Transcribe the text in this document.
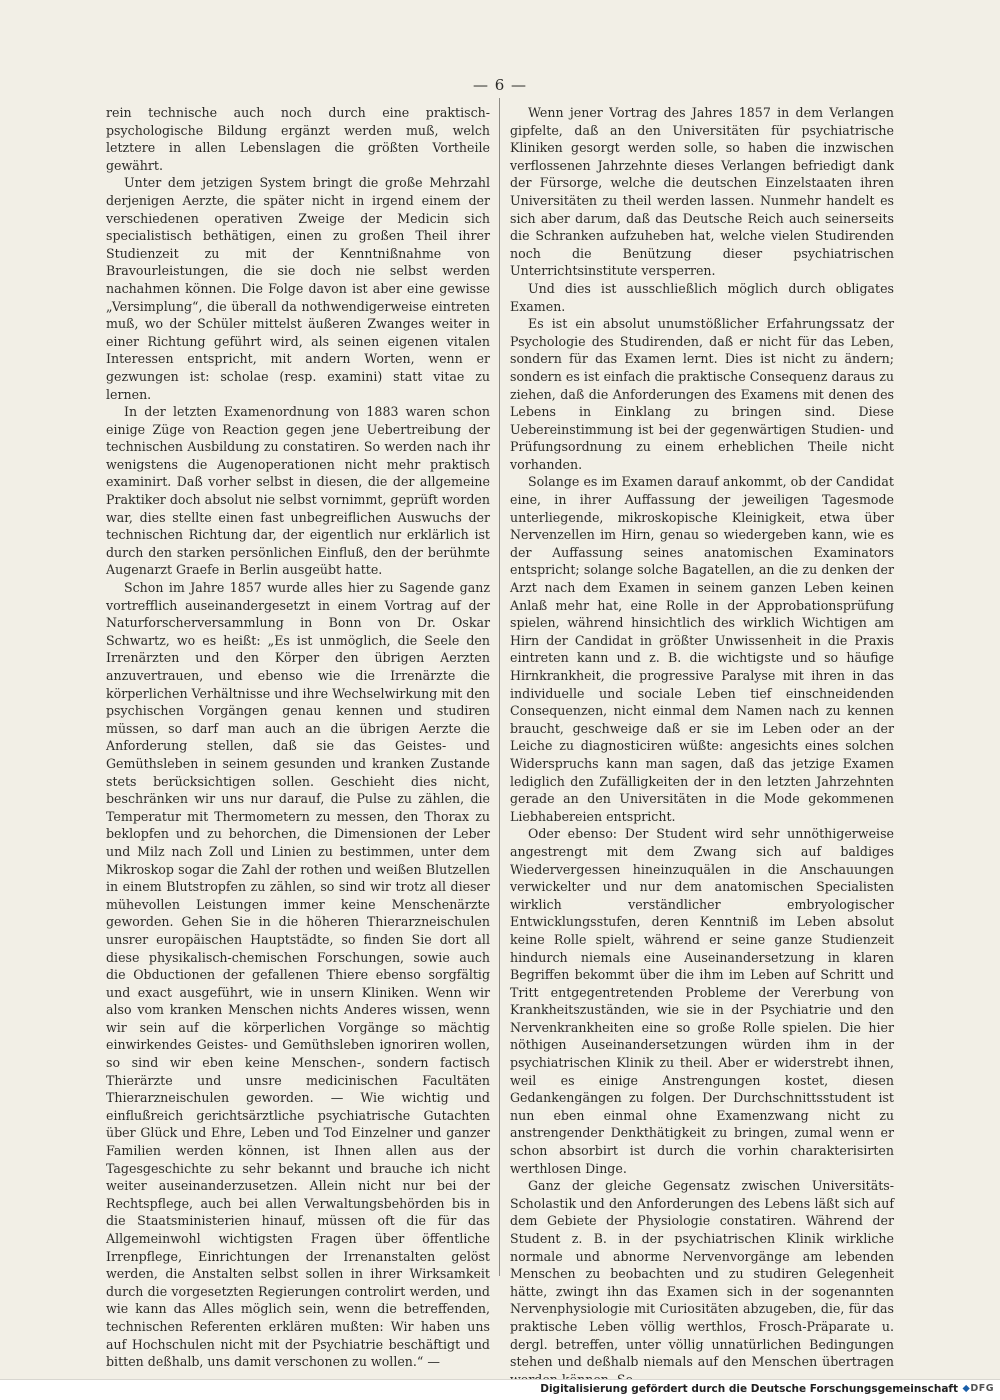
— 6 —

rein technische auch noch durch eine praktisch-psychologische Bildung ergänzt werden muß, welch letztere in allen Lebenslagen die größten Vortheile gewährt.

Unter dem jetzigen System bringt die große Mehrzahl derjenigen Aerzte, die später nicht in irgend einem der verschiedenen operativen Zweige der Medicin sich specialistisch bethätigen, einen zu großen Theil ihrer Studienzeit zu mit der Kenntnißnahme von Bravourleistungen, die sie doch nie selbst werden nachahmen können. Die Folge davon ist aber eine gewisse „Versimplung“, die überall da nothwendigerweise eintreten muß, wo der Schüler mittelst äußeren Zwanges weiter in einer Richtung geführt wird, als seinen eigenen vitalen Interessen entspricht, mit andern Worten, wenn er gezwungen ist: scholae (resp. examini) statt vitae zu lernen.

In der letzten Examenordnung von 1883 waren schon einige Züge von Reaction gegen jene Uebertreibung der technischen Ausbildung zu constatiren. So werden nach ihr wenigstens die Augenoperationen nicht mehr praktisch examinirt. Daß vorher selbst in diesen, die der allgemeine Praktiker doch absolut nie selbst vornimmt, geprüft worden war, dies stellte einen fast unbegreiflichen Auswuchs der technischen Richtung dar, der eigentlich nur erklärlich ist durch den starken persönlichen Einfluß, den der berühmte Augenarzt Graefe in Berlin ausgeübt hatte.

Schon im Jahre 1857 wurde alles hier zu Sagende ganz vortrefflich auseinandergesetzt in einem Vortrag auf der Naturforscherversammlung in Bonn von Dr. Oskar Schwartz, wo es heißt: „Es ist unmöglich, die Seele den Irrenärzten und den Körper den übrigen Aerzten anzuvertrauen, und ebenso wie die Irrenärzte die körperlichen Verhältnisse und ihre Wechselwirkung mit den psychischen Vorgängen genau kennen und studiren müssen, so darf man auch an die übrigen Aerzte die Anforderung stellen, daß sie das Geistes- und Gemüthsleben in seinem gesunden und kranken Zustande stets berücksichtigen sollen. Geschieht dies nicht, beschränken wir uns nur darauf, die Pulse zu zählen, die Temperatur mit Thermometern zu messen, den Thorax zu beklopfen und zu behorchen, die Dimensionen der Leber und Milz nach Zoll und Linien zu bestimmen, unter dem Mikroskop sogar die Zahl der rothen und weißen Blutzellen in einem Blutstropfen zu zählen, so sind wir trotz all dieser mühevollen Leistungen immer keine Menschenärzte geworden. Gehen Sie in die höheren Thierarzneischulen unsrer europäischen Hauptstädte, so finden Sie dort all diese physikalisch-chemischen Forschungen, sowie auch die Obductionen der gefallenen Thiere ebenso sorgfältig und exact ausgeführt, wie in unsern Kliniken. Wenn wir also vom kranken Menschen nichts Anderes wissen, wenn wir sein auf die körperlichen Vorgänge so mächtig einwirkendes Geistes- und Gemüthsleben ignoriren wollen, so sind wir eben keine Menschen-, sondern factisch Thierärzte und unsre medicinischen Facultäten Thierarzneischulen geworden. — Wie wichtig und einflußreich gerichtsärztliche psychiatrische Gutachten über Glück und Ehre, Leben und Tod Einzelner und ganzer Familien werden können, ist Ihnen allen aus der Tagesgeschichte zu sehr bekannt und brauche ich nicht weiter auseinanderzusetzen. Allein nicht nur bei der Rechtspflege, auch bei allen Verwaltungsbehörden bis in die Staatsministerien hinauf, müssen oft die für das Allgemeinwohl wichtigsten Fragen über öffentliche Irrenpflege, Einrichtungen der Irrenanstalten gelöst werden, die Anstalten selbst sollen in ihrer Wirksamkeit durch die vorgesetzten Regierungen controlirt werden, und wie kann das Alles möglich sein, wenn die betreffenden, technischen Referenten erklären mußten: Wir haben uns auf Hochschulen nicht mit der Psychiatrie beschäftigt und bitten deßhalb, uns damit verschonen zu wollen.“ —

Wenn jener Vortrag des Jahres 1857 in dem Verlangen gipfelte, daß an den Universitäten für psychiatrische Kliniken gesorgt werden solle, so haben die inzwischen verflossenen Jahrzehnte dieses Verlangen befriedigt dank der Fürsorge, welche die deutschen Einzelstaaten ihren Universitäten zu theil werden lassen. Nunmehr handelt es sich aber darum, daß das Deutsche Reich auch seinerseits die Schranken aufzuheben hat, welche vielen Studirenden noch die Benützung dieser psychiatrischen Unterrichtsinstitute versperren.

Und dies ist ausschließlich möglich durch obligates Examen.

Es ist ein absolut unumstößlicher Erfahrungssatz der Psychologie des Studirenden, daß er nicht für das Leben, sondern für das Examen lernt. Dies ist nicht zu ändern; sondern es ist einfach die praktische Consequenz daraus zu ziehen, daß die Anforderungen des Examens mit denen des Lebens in Einklang zu bringen sind. Diese Uebereinstimmung ist bei der gegenwärtigen Studien- und Prüfungsordnung zu einem erheblichen Theile nicht vorhanden.

Solange es im Examen darauf ankommt, ob der Candidat eine, in ihrer Auffassung der jeweiligen Tagesmode unterliegende, mikroskopische Kleinigkeit, etwa über Nervenzellen im Hirn, genau so wiedergeben kann, wie es der Auffassung seines anatomischen Examinators entspricht; solange solche Bagatellen, an die zu denken der Arzt nach dem Examen in seinem ganzen Leben keinen Anlaß mehr hat, eine Rolle in der Approbationsprüfung spielen, während hinsichtlich des wirklich Wichtigen am Hirn der Candidat in größter Unwissenheit in die Praxis eintreten kann und z. B. die wichtigste und so häufige Hirnkrankheit, die progressive Paralyse mit ihren in das individuelle und sociale Leben tief einschneidenden Consequenzen, nicht einmal dem Namen nach zu kennen braucht, geschweige daß er sie im Leben oder an der Leiche zu diagnosticiren wüßte: angesichts eines solchen Widerspruchs kann man sagen, daß das jetzige Examen lediglich den Zufälligkeiten der in den letzten Jahrzehnten gerade an den Universitäten in die Mode gekommenen Liebhabereien entspricht.

Oder ebenso: Der Student wird sehr unnöthigerweise angestrengt mit dem Zwang sich auf baldiges Wiedervergessen hineinzuquälen in die Anschauungen verwickelter und nur dem anatomischen Specialisten wirklich verständlicher embryologischer Entwicklungsstufen, deren Kenntniß im Leben absolut keine Rolle spielt, während er seine ganze Studienzeit hindurch niemals eine Auseinandersetzung in klaren Begriffen bekommt über die ihm im Leben auf Schritt und Tritt entgegentretenden Probleme der Vererbung von Krankheitszuständen, wie sie in der Psychiatrie und den Nervenkrankheiten eine so große Rolle spielen. Die hier nöthigen Auseinandersetzungen würden ihm in der psychiatrischen Klinik zu theil. Aber er widerstrebt ihnen, weil es einige Anstrengungen kostet, diesen Gedankengängen zu folgen. Der Durchschnittsstudent ist nun eben einmal ohne Examenzwang nicht zu anstrengender Denkthätigkeit zu bringen, zumal wenn er schon absorbirt ist durch die vorhin charakterisirten werthlosen Dinge.

Ganz der gleiche Gegensatz zwischen Universitäts-Scholastik und den Anforderungen des Lebens läßt sich auf dem Gebiete der Physiologie constatiren. Während der Student z. B. in der psychiatrischen Klinik wirkliche normale und abnorme Nervenvorgänge am lebenden Menschen zu beobachten und zu studiren Gelegenheit hätte, zwingt ihn das Examen sich in der sogenannten Nervenphysiologie mit Curiositäten abzugeben, die, für das praktische Leben völlig werthlos, Frosch-Präparate u. dergl. betreffen, unter völlig unnatürlichen Bedingungen stehen und deßhalb niemals auf den Menschen übertragen

Digitalisierung gefördert durch die Deutsche Forschungsgemeinschaft ◆DFG
